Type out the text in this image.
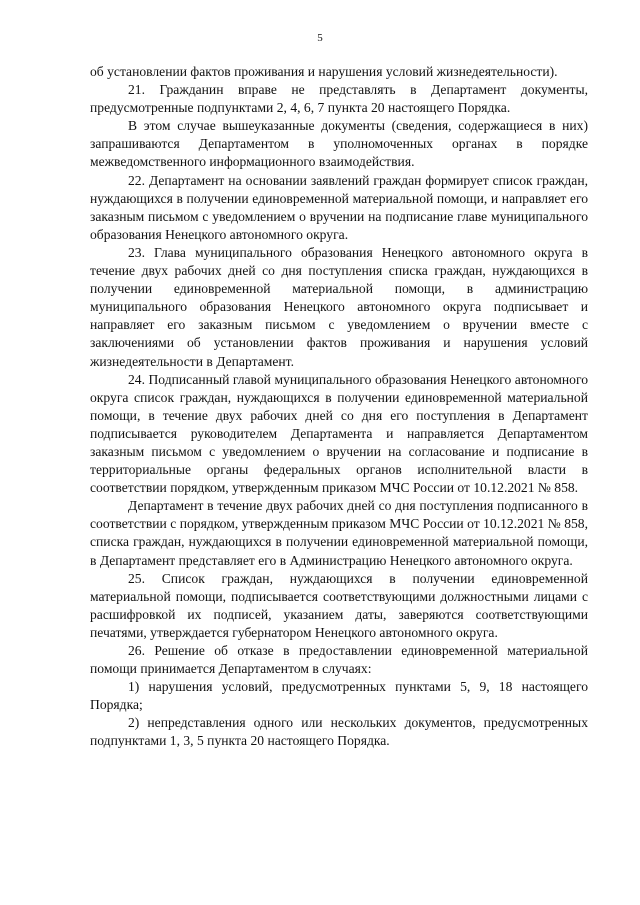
5

об установлении фактов проживания и нарушения условий жизнедеятельности).

21. Гражданин вправе не представлять в Департамент документы, предусмотренные подпунктами 2, 4, 6, 7 пункта 20 настоящего Порядка.

В этом случае вышеуказанные документы (сведения, содержащиеся в них) запрашиваются Департаментом в уполномоченных органах в порядке межведомственного информационного взаимодействия.

22. Департамент на основании заявлений граждан формирует список граждан, нуждающихся в получении единовременной материальной помощи, и направляет его заказным письмом с уведомлением о вручении на подписание главе муниципального образования Ненецкого автономного округа.

23. Глава муниципального образования Ненецкого автономного округа в течение двух рабочих дней со дня поступления списка граждан, нуждающихся в получении единовременной материальной помощи, в администрацию муниципального образования Ненецкого автономного округа подписывает и направляет его заказным письмом с уведомлением о вручении вместе с заключениями об установлении фактов проживания и нарушения условий жизнедеятельности в Департамент.

24. Подписанный главой муниципального образования Ненецкого автономного округа список граждан, нуждающихся в получении единовременной материальной помощи, в течение двух рабочих дней со дня его поступления в Департамент подписывается руководителем Департамента и направляется Департаментом заказным письмом с уведомлением о вручении на согласование и подписание в территориальные органы федеральных органов исполнительной власти в соответствии порядком, утвержденным приказом МЧС России от 10.12.2021 № 858.

Департамент в течение двух рабочих дней со дня поступления подписанного в соответствии с порядком, утвержденным приказом МЧС России от 10.12.2021 № 858, списка граждан, нуждающихся в получении единовременной материальной помощи, в Департамент представляет его в Администрацию Ненецкого автономного округа.

25. Список граждан, нуждающихся в получении единовременной материальной помощи, подписывается соответствующими должностными лицами с расшифровкой их подписей, указанием даты, заверяются соответствующими печатями, утверждается губернатором Ненецкого автономного округа.

26. Решение об отказе в предоставлении единовременной материальной помощи принимается Департаментом в случаях:

1) нарушения условий, предусмотренных пунктами 5, 9, 18 настоящего Порядка;

2) непредставления одного или нескольких документов, предусмотренных подпунктами 1, 3, 5 пункта 20 настоящего Порядка.
